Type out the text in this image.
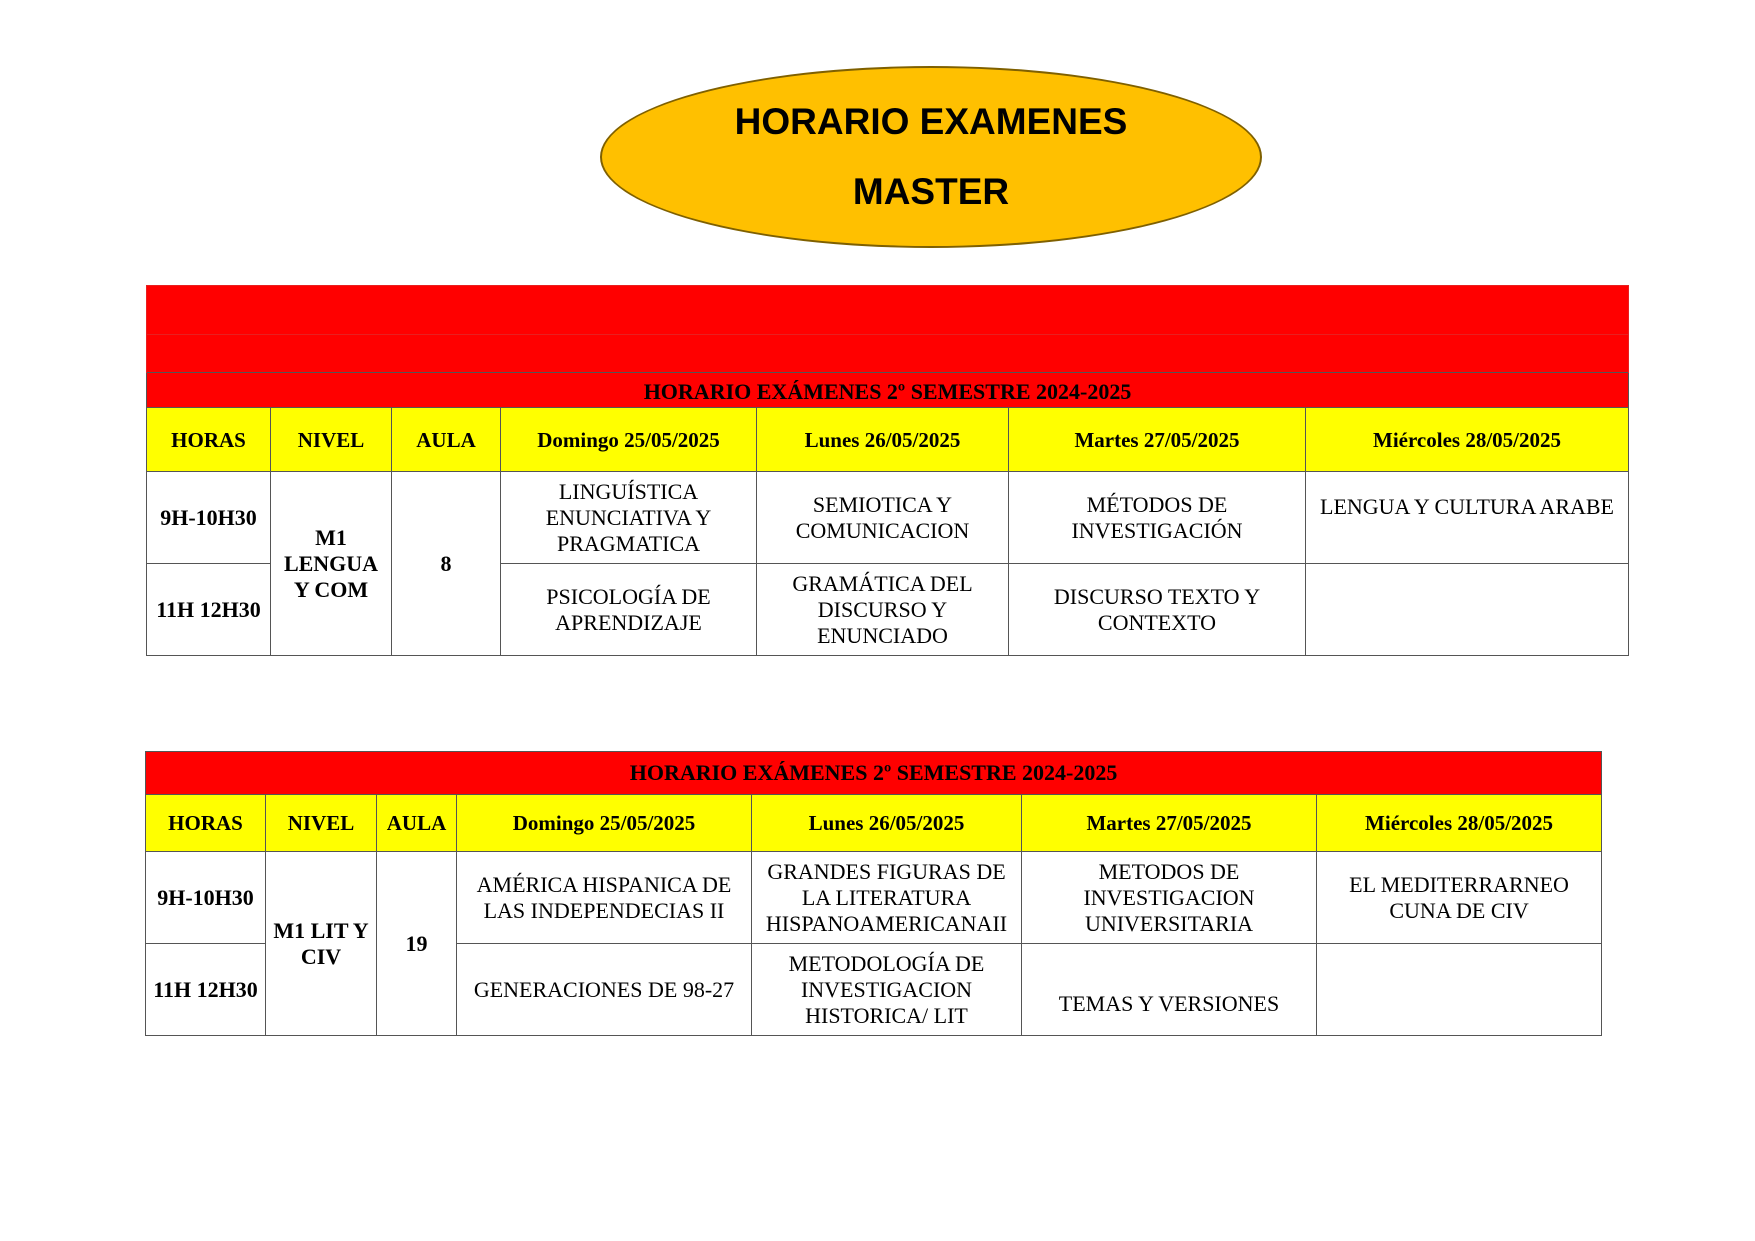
HORARIO EXAMENES
MASTER

HORARIO EXÁMENES 2º SEMESTRE 2024-2025						
HORAS	NIVEL	AULA	Domingo 25/05/2025	Lunes 26/05/2025	Martes 27/05/2025	Miércoles 28/05/2025
9H-10H30	M1 LENGUA Y COM	8	LINGUÍSTICA ENUNCIATIVA Y PRAGMATICA	SEMIOTICA Y COMUNICACION	MÉTODOS DE INVESTIGACIÓN	LENGUA Y CULTURA ARABE
11H 12H30			PSICOLOGÍA DE APRENDIZAJE	GRAMÁTICA DEL DISCURSO Y ENUNCIADO	DISCURSO TEXTO Y CONTEXTO	
HORARIO EXÁMENES 2º SEMESTRE 2024-2025						
HORAS	NIVEL	AULA	Domingo 25/05/2025	Lunes 26/05/2025	Martes 27/05/2025	Miércoles 28/05/2025
9H-10H30	M1 LIT Y CIV	19	AMÉRICA HISPANICA DE LAS INDEPENDECIAS II	GRANDES FIGURAS DE LA LITERATURA HISPANOAMERICANAII	METODOS DE INVESTIGACION UNIVERSITARIA	EL MEDITERRARNEO CUNA DE CIV
11H 12H30			GENERACIONES DE 98-27	METODOLOGÍA DE INVESTIGACION HISTORICA/ LIT	TEMAS Y VERSIONES	
